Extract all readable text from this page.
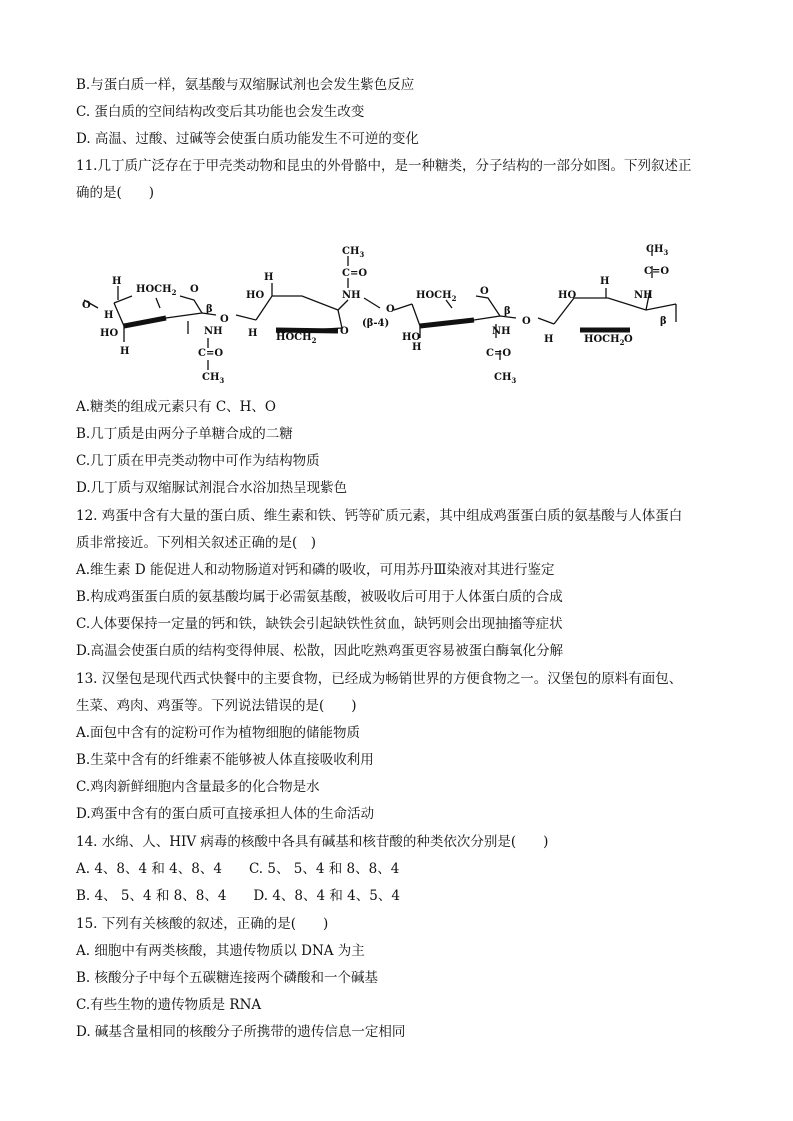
B.与蛋白质一样，氨基酸与双缩脲试剂也会发生紫色反应
C. 蛋白质的空间结构改变后其功能也会发生改变
D. 高温、过酸、过碱等会使蛋白质功能发生不可逆的变化
11.几丁质广泛存在于甲壳类动物和昆虫的外骨骼中，是一种糖类，分子结构的一部分如图。下列叙述正
确的是(　　)
O
H
$HOCH_2$ O
H
H
HO	NH
C=O
$CH_3$
β
O
H
HO
H $HOCH_2$
O
$CH_3$
C=O
NH
(β-4)
O
$HOCH_2$
O
H
HO
NH
C=O
$CH_3$
β
O
H
HO
$HOCH_2$
H
NH
$CH_3$
C=O
β
O
A.糖类的组成元素只有 C、H、O
B.几丁质是由两分子单糖合成的二糖
C.几丁质在甲壳类动物中可作为结构物质
D.几丁质与双缩脲试剂混合水浴加热呈现紫色
12. 鸡蛋中含有大量的蛋白质、维生素和铁、钙等矿质元素，其中组成鸡蛋蛋白质的氨基酸与人体蛋白
质非常接近。下列相关叙述正确的是(　)
A.维生素 D 能促进人和动物肠道对钙和磷的吸收，可用苏丹Ⅲ染液对其进行鉴定
B.构成鸡蛋蛋白质的氨基酸均属于必需氨基酸，被吸收后可用于人体蛋白质的合成
C.人体要保持一定量的钙和铁，缺铁会引起缺铁性贫血，缺钙则会出现抽搐等症状
D.高温会使蛋白质的结构变得伸展、松散，因此吃熟鸡蛋更容易被蛋白酶氧化分解
13. 汉堡包是现代西式快餐中的主要食物，已经成为畅销世界的方便食物之一。汉堡包的原料有面包、
生菜、鸡肉、鸡蛋等。下列说法错误的是(　　)
A.面包中含有的淀粉可作为植物细胞的储能物质
B.生菜中含有的纤维素不能够被人体直接吸收利用
C.鸡肉新鲜细胞内含量最多的化合物是水
D.鸡蛋中含有的蛋白质可直接承担人体的生命活动
14. 水绵、人、HIV 病毒的核酸中各具有碱基和核苷酸的种类依次分别是(　　)
A. 4、8、4 和 4、8、4　　C. 5、 5、4 和 8、8、4
B. 4、 5、4 和 8、8、4　　D. 4、8、4 和 4、5、4
15. 下列有关核酸的叙述，正确的是(　　)
A. 细胞中有两类核酸，其遗传物质以 DNA 为主
B. 核酸分子中每个五碳糖连接两个磷酸和一个碱基
C.有些生物的遗传物质是 RNA
D. 碱基含量相同的核酸分子所携带的遗传信息一定相同
